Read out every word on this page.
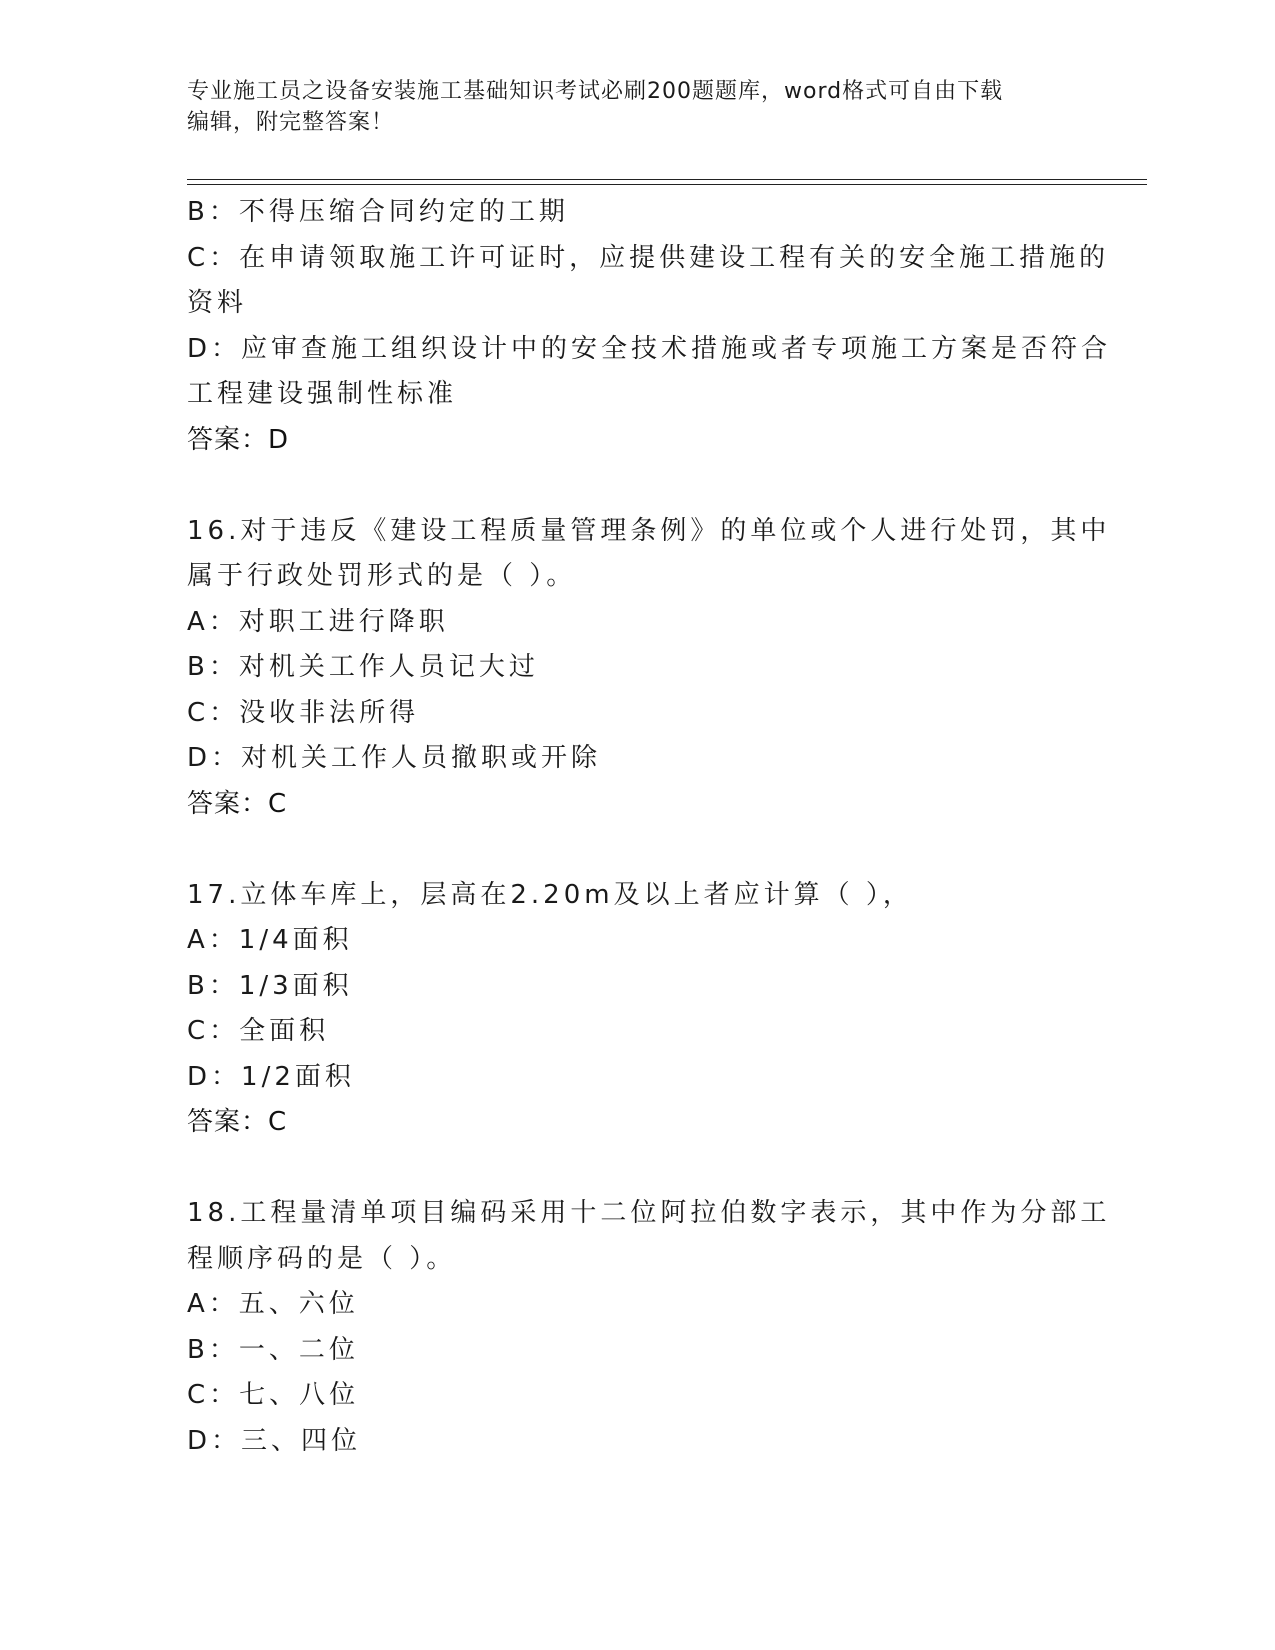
专业施工员之设备安装施工基础知识考试必刷200题题库，word格式可自由下载
编辑，附完整答案！
B：不得压缩合同约定的工期
C：在申请领取施工许可证时，应提供建设工程有关的安全施工措施的
资料
D：应审查施工组织设计中的安全技术措施或者专项施工方案是否符合
工程建设强制性标准
答案：D
16.对于违反《建设工程质量管理条例》的单位或个人进行处罚，其中
属于行政处罚形式的是（ ）。
A：对职工进行降职
B：对机关工作人员记大过
C：没收非法所得
D：对机关工作人员撤职或开除
答案：C
17.立体车库上，层高在2.20m及以上者应计算（ ），
A：1/4面积
B：1/3面积
C：全面积
D：1/2面积
答案：C
18.工程量清单项目编码采用十二位阿拉伯数字表示，其中作为分部工
程顺序码的是（ ）。
A：五、六位
B：一、二位
C：七、八位
D：三、四位
